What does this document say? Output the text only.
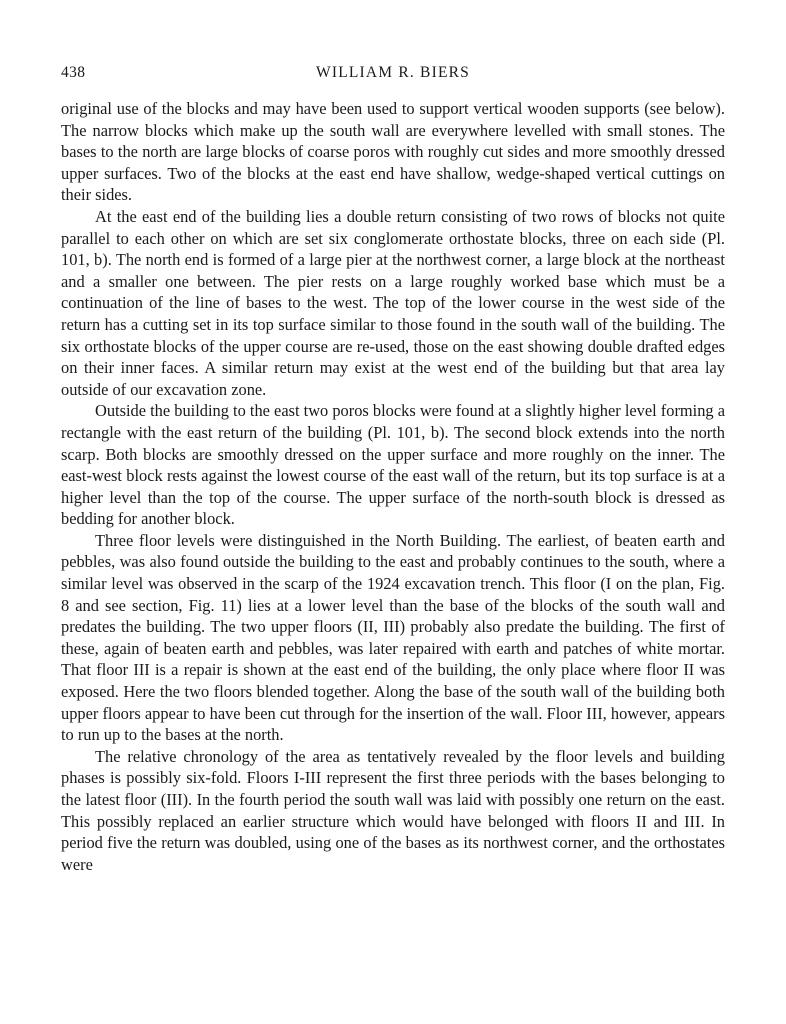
438	WILLIAM R. BIERS

original use of the blocks and may have been used to support vertical wooden supports (see below). The narrow blocks which make up the south wall are everywhere levelled with small stones. The bases to the north are large blocks of coarse poros with roughly cut sides and more smoothly dressed upper surfaces. Two of the blocks at the east end have shallow, wedge-shaped vertical cuttings on their sides.

At the east end of the building lies a double return consisting of two rows of blocks not quite parallel to each other on which are set six conglomerate orthostate blocks, three on each side (Pl. 101, b). The north end is formed of a large pier at the northwest corner, a large block at the northeast and a smaller one between. The pier rests on a large roughly worked base which must be a continuation of the line of bases to the west. The top of the lower course in the west side of the return has a cutting set in its top surface similar to those found in the south wall of the building. The six orthostate blocks of the upper course are re-used, those on the east showing double drafted edges on their inner faces. A similar return may exist at the west end of the building but that area lay outside of our excavation zone.

Outside the building to the east two poros blocks were found at a slightly higher level forming a rectangle with the east return of the building (Pl. 101, b). The second block extends into the north scarp. Both blocks are smoothly dressed on the upper surface and more roughly on the inner. The east-west block rests against the lowest course of the east wall of the return, but its top surface is at a higher level than the top of the course. The upper surface of the north-south block is dressed as bedding for another block.

Three floor levels were distinguished in the North Building. The earliest, of beaten earth and pebbles, was also found outside the building to the east and probably continues to the south, where a similar level was observed in the scarp of the 1924 excavation trench. This floor (I on the plan, Fig. 8 and see section, Fig. 11) lies at a lower level than the base of the blocks of the south wall and predates the building. The two upper floors (II, III) probably also predate the building. The first of these, again of beaten earth and pebbles, was later repaired with earth and patches of white mortar. That floor III is a repair is shown at the east end of the building, the only place where floor II was exposed. Here the two floors blended together. Along the base of the south wall of the building both upper floors appear to have been cut through for the insertion of the wall. Floor III, however, appears to run up to the bases at the north.

The relative chronology of the area as tentatively revealed by the floor levels and building phases is possibly six-fold. Floors I-III represent the first three periods with the bases belonging to the latest floor (III). In the fourth period the south wall was laid with possibly one return on the east. This possibly replaced an earlier structure which would have belonged with floors II and III. In period five the return was doubled, using one of the bases as its northwest corner, and the orthostates were
